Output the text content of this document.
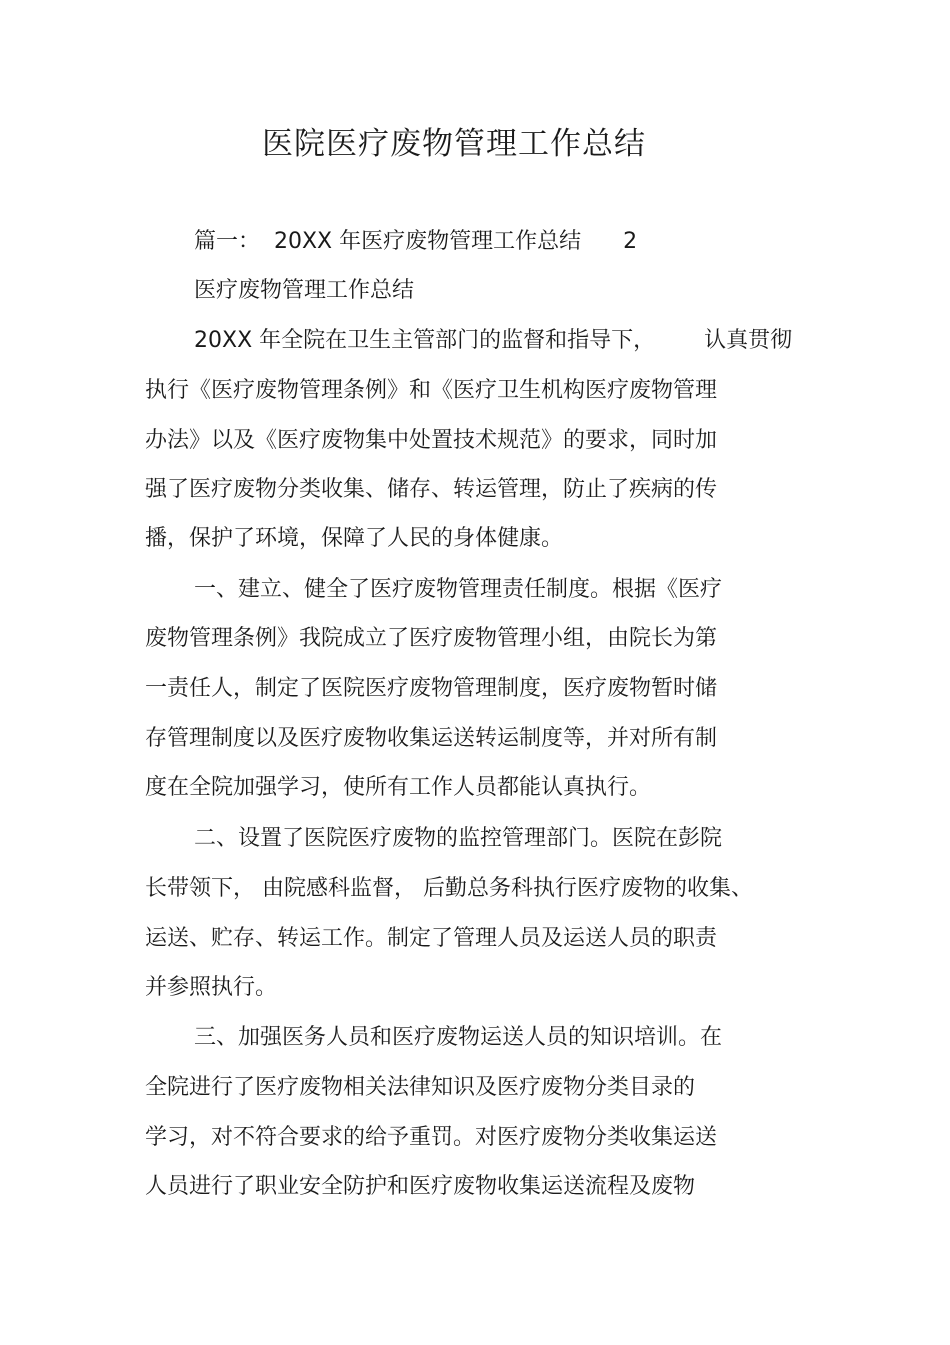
医院医疗废物管理工作总结

篇一：  20XX 年医疗废物管理工作总结      2

医疗废物管理工作总结

20XX 年全院在卫生主管部门的监督和指导下，       认真贯彻

执行《医疗废物管理条例》和《医疗卫生机构医疗废物管理

办法》以及《医疗废物集中处置技术规范》的要求，同时加

强了医疗废物分类收集、储存、转运管理，防止了疾病的传

播，保护了环境，保障了人民的身体健康。

一、建立、健全了医疗废物管理责任制度。根据《医疗

废物管理条例》我院成立了医疗废物管理小组，由院长为第

一责任人，制定了医院医疗废物管理制度，医疗废物暂时储

存管理制度以及医疗废物收集运送转运制度等，并对所有制

度在全院加强学习，使所有工作人员都能认真执行。

二、设置了医院医疗废物的监控管理部门。医院在彭院

长带领下， 由院感科监督， 后勤总务科执行医疗废物的收集、

运送、贮存、转运工作。制定了管理人员及运送人员的职责

并参照执行。

三、加强医务人员和医疗废物运送人员的知识培训。在

全院进行了医疗废物相关法律知识及医疗废物分类目录的

学习，对不符合要求的给予重罚。对医疗废物分类收集运送

人员进行了职业安全防护和医疗废物收集运送流程及废物
